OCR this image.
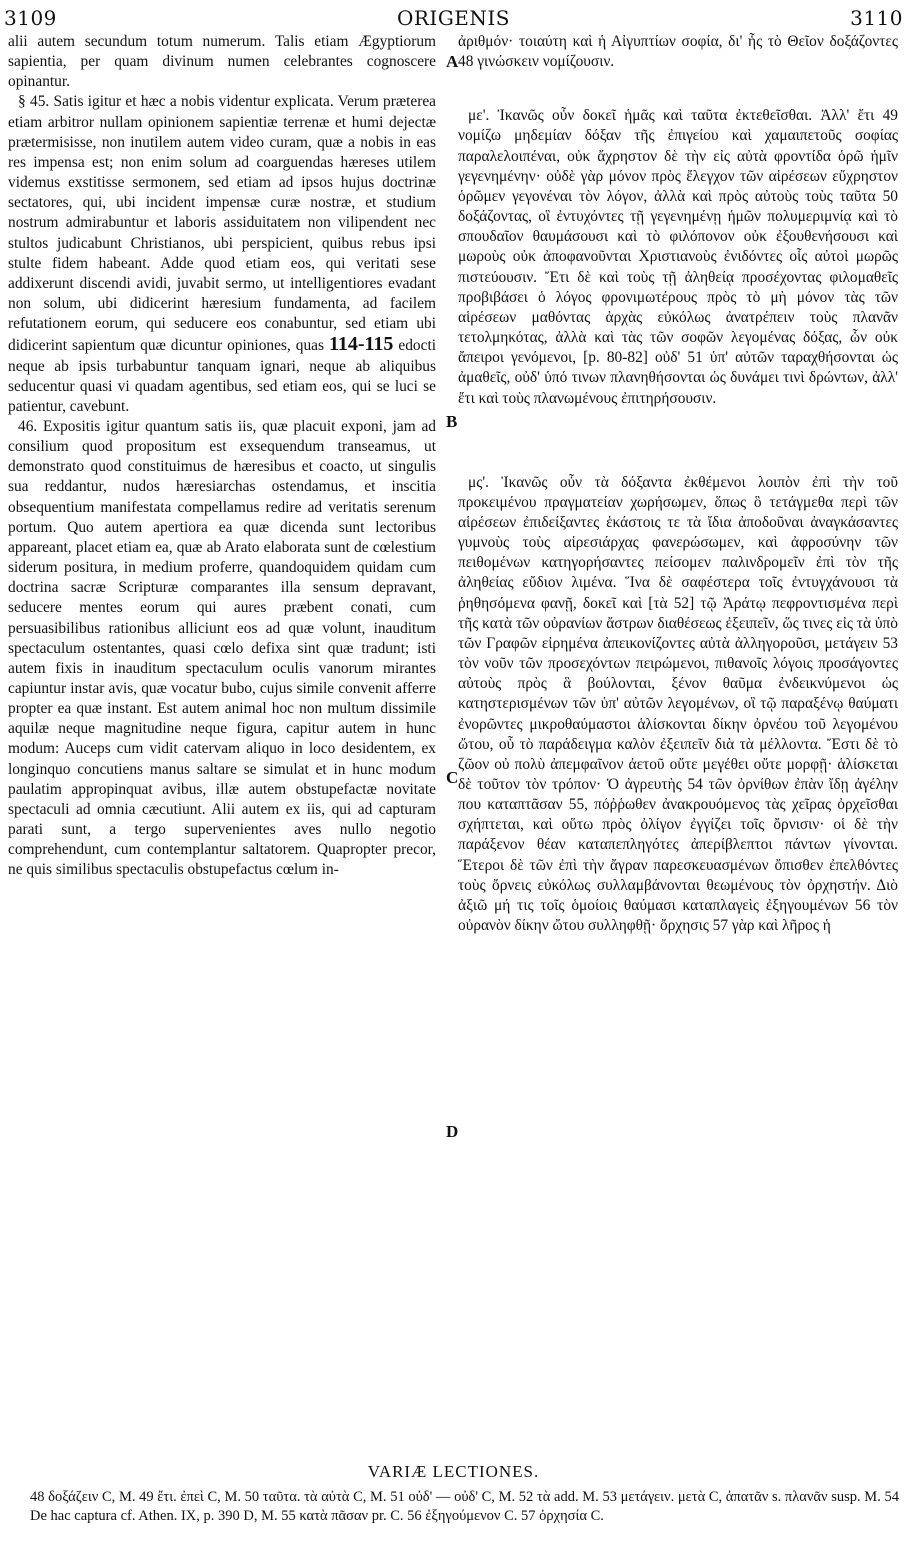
3109	ORIGENIS	3110
A
B
C
D

alii autem secundum totum numerum. Talis etiam Ægyptiorum sapientia, per quam divinum numen celebrantes cognoscere opinantur.

§ 45. Satis igitur et hæc a nobis videntur explicata. Verum præterea etiam arbitror nullam opinionem sapientiæ terrenæ et humi dejectæ prætermisisse, non inutilem autem video curam, quæ a nobis in eas res impensa est; non enim solum ad coarguendas hæreses utilem videmus exstitisse sermonem, sed etiam ad ipsos hujus doctrinæ sectatores, qui, ubi incident impensæ curæ nostræ, et studium nostrum admirabuntur et laboris assiduitatem non vilipendent nec stultos judicabunt Christianos, ubi perspicient, quibus rebus ipsi stulte fidem habeant. Adde quod etiam eos, qui veritati sese addixerunt discendi avidi, juvabit sermo, ut intelligentiores evadant non solum, ubi didicerint hæresium fundamenta, ad facilem refutationem eorum, qui seducere eos conabuntur, sed etiam ubi didicerint sapientum quæ dicuntur opiniones, quas 114-115 edocti neque ab ipsis turbabuntur tanquam ignari, neque ab aliquibus seducentur quasi vi quadam agentibus, sed etiam eos, qui se luci se patientur, cavebunt.

46. Expositis igitur quantum satis iis, quæ placuit exponi, jam ad consilium quod propositum est exsequendum transeamus, ut demonstrato quod constituimus de hæresibus et coacto, ut singulis sua reddantur, nudos hæresiarchas ostendamus, et inscitia obsequentium manifestata compellamus redire ad veritatis serenum portum. Quo autem apertiora ea quæ dicenda sunt lectoribus appareant, placet etiam ea, quæ ab Arato elaborata sunt de cœlestium siderum positura, in medium proferre, quandoquidem quidam cum doctrina sacræ Scripturæ comparantes illa sensum depravant, seducere mentes eorum qui aures præbent conati, cum persuasibilibus rationibus alliciunt eos ad quæ volunt, inauditum spectaculum ostentantes, quasi cœlo defixa sint quæ tradunt; isti autem fixis in inauditum spectaculum oculis vanorum mirantes capiuntur instar avis, quæ vocatur bubo, cujus simile convenit afferre propter ea quæ instant. Est autem animal hoc non multum dissimile aquilæ neque magnitudine neque figura, capitur autem in hunc modum: Auceps cum vidit catervam aliquo in loco desidentem, ex longinquo concutiens manus saltare se simulat et in hunc modum paulatim appropinquat avibus, illæ autem obstupefactæ novitate spectaculi ad omnia cæcutiunt. Alii autem ex iis, qui ad capturam parati sunt, a tergo supervenientes aves nullo negotio comprehendunt, cum contemplantur saltatorem. Quapropter precor, ne quis similibus spectaculis obstupefactus cœlum in-

ἀριθμόν· τοιαύτη καὶ ἡ Αἰγυπτίων σοφία, δι' ἧς τὸ Θεῖον δοξάζοντες 48 γινώσκειν νομίζουσιν.

με'. Ἱκανῶς οὖν δοκεῖ ἡμᾶς καὶ ταῦτα ἐκτεθεῖσθαι. Ἀλλ' ἔτι 49 νομίζω μηδεμίαν δόξαν τῆς ἐπιγείου καὶ χαμαιπετοῦς σοφίας παραλελοιπέναι, οὐκ ἄχρηστον δὲ τὴν εἰς αὐτὰ φροντίδα ὁρῶ ἡμῖν γεγενημένην· οὐδὲ γὰρ μόνον πρὸς ἔλεγχον τῶν αἱρέσεων εὔχρηστον ὁρῶμεν γεγονέναι τὸν λόγον, ἀλλὰ καὶ πρὸς αὐτοὺς τοὺς ταῦτα 50 δοξάζοντας, οἳ ἐντυχόντες τῇ γεγενημένῃ ἡμῶν πολυμεριμνίᾳ καὶ τὸ σπουδαῖον θαυμάσουσι καὶ τὸ φιλόπονον οὐκ ἐξουθενήσουσι καὶ μωροὺς οὐκ ἀποφανοῦνται Χριστιανοὺς ἐνιδόντες οἷς αὐτοὶ μωρῶς πιστεύουσιν. Ἔτι δὲ καὶ τοὺς τῇ ἀληθείᾳ προσέχοντας φιλομαθεῖς προβιβάσει ὁ λόγος φρονιμωτέρους πρὸς τὸ μὴ μόνον τὰς τῶν αἱρέσεων μαθόντας ἀρχὰς εὐκόλως ἀνατρέπειν τοὺς πλανᾶν τετολμηκότας, ἀλλὰ καὶ τὰς τῶν σοφῶν λεγομένας δόξας, ὧν οὐκ ἄπειροι γενόμενοι, [p. 80-82] οὐδ' 51 ὑπ' αὐτῶν ταραχθήσονται ὡς ἀμαθεῖς, οὐδ' ὑπό τινων πλανηθήσονται ὡς δυνάμει τινὶ δρώντων, ἀλλ' ἔτι καὶ τοὺς πλανωμένους ἐπιτηρήσουσιν.

μς'. Ἱκανῶς οὖν τὰ δόξαντα ἐκθέμενοι λοιπὸν ἐπὶ τὴν τοῦ προκειμένου πραγματείαν χωρήσωμεν, ὅπως ὃ τετάγμεθα περὶ τῶν αἱρέσεων ἐπιδείξαντες ἑκάστοις τε τὰ ἴδια ἀποδοῦναι ἀναγκάσαντες γυμνοὺς τοὺς αἱρεσιάρχας φανερώσωμεν, καὶ ἀφροσύνην τῶν πειθομένων κατηγορήσαντες πείσομεν παλινδρομεῖν ἐπὶ τὸν τῆς ἀληθείας εὔδιον λιμένα. Ἵνα δὲ σαφέστερα τοῖς ἐντυγχάνουσι τὰ ῥηθησόμενα φανῇ, δοκεῖ καὶ [τὰ 52] τῷ Ἀράτῳ πεφροντισμένα περὶ τῆς κατὰ τῶν οὐρανίων ἄστρων διαθέσεως ἐξειπεῖν, ὥς τινες εἰς τὰ ὑπὸ τῶν Γραφῶν εἰρημένα ἀπεικονίζοντες αὐτὰ ἀλληγοροῦσι, μετάγειν 53 τὸν νοῦν τῶν προσεχόντων πειρώμενοι, πιθανοῖς λόγοις προσάγοντες αὐτοὺς πρὸς ἃ βούλονται, ξένον θαῦμα ἐνδεικνύμενοι ὡς κατηστερισμένων τῶν ὑπ' αὐτῶν λεγομένων, οἳ τῷ παραξένῳ θαύματι ἐνορῶντες μικροθαύμαστοι ἁλίσκονται δίκην ὀρνέου τοῦ λεγομένου ὤτου, οὗ τὸ παράδειγμα καλὸν ἐξειπεῖν διὰ τὰ μέλλοντα. Ἔστι δὲ τὸ ζῶον οὐ πολὺ ἀπεμφαῖνον ἀετοῦ οὔτε μεγέθει οὔτε μορφῇ· ἁλίσκεται δὲ τοῦτον τὸν τρόπον· Ὁ ἀγρευτὴς 54 τῶν ὀρνίθων ἐπὰν ἴδῃ ἀγέλην που καταπτᾶσαν 55, πόῤῥωθεν ἀνακρουόμενος τὰς χεῖρας ὀρχεῖσθαι σχήπτεται, καὶ οὕτω πρὸς ὀλίγον ἐγγίζει τοῖς ὄρνισιν· οἱ δὲ τὴν παράξενον θέαν καταπεπληγότες ἀπερίβλεπτοι πάντων γίνονται. Ἕτεροι δὲ τῶν ἐπὶ τὴν ἄγραν παρεσκευασμένων ὄπισθεν ἐπελθόντες τοὺς ὄρνεις εὐκόλως συλλαμβάνονται θεωμένους τὸν ὀρχηστήν. Διὸ ἀξιῶ μή τις τοῖς ὁμοίοις θαύμασι καταπλαγεὶς ἐξηγουμένων 56 τὸν οὐρανὸν δίκην ὤτου συλληφθῇ· ὄρχησις 57 γὰρ καὶ λῆρος ἡ

VARIÆ LECTIONES.

48 δοξάζειν C, M. 49 ἔτι. ἐπεὶ C, M. 50 ταῦτα. τὰ αὐτὰ C, M. 51 οὐδ' — οὐδ' C, M. 52 τὰ add. M. 53 μετάγειν. μετὰ C, ἀπατᾶν s. πλανᾶν susp. M. 54 De hac captura cf. Athen. IX, p. 390 D, M. 55 κατὰ πᾶσαν pr. C. 56 ἐξηγούμενον C. 57 ὀρχησία C.
